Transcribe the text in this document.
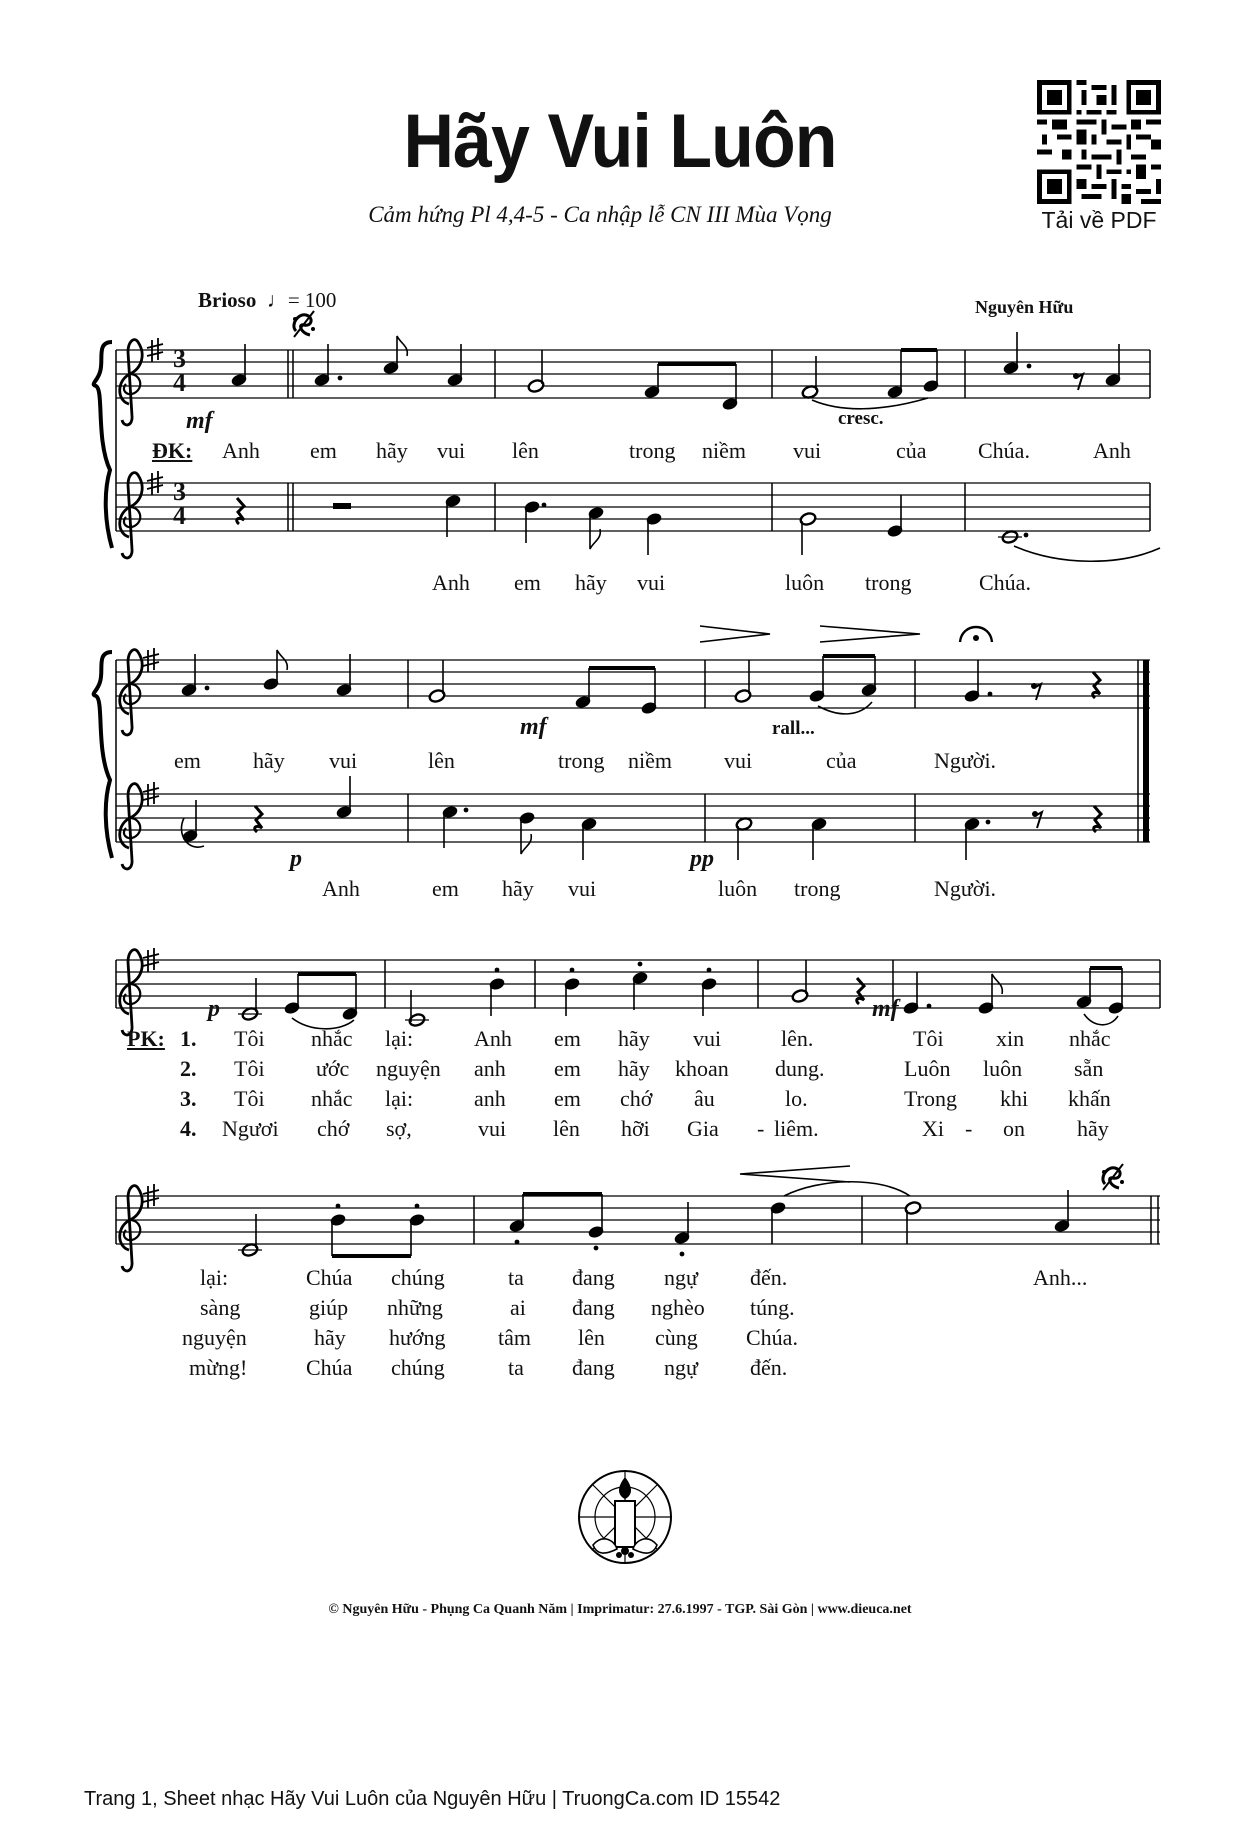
Hãy Vui Luôn
Cảm hứng Pl 4,4-5 - Ca nhập lễ CN III Mùa Vọng	Tải về PDF
Brioso  ♩= 100	Nguyên Hữu
3
4
3
4
mf	cresc.
mf	rall...
p	pp
p	mf
ĐK: Anh em hãy vui lên	trong niềm vui	của Chúa.	Anh
Anh em hãy vui	luôn trong	Chúa.
em hãy vui	lên	trong niềm vui	của	Người.
Anh	em hãy vui	luôn trong	Người.
PK: 1.
2.
3.
4.
Tôi nhắc lại:	Anh em hãy vui	lên.	Tôi xin nhắc
Tôi ước nguyện anh em hãy khoan dung.	Luôn luôn sẵn
Tôi nhắc lại:	anh em chớ âu	lo.	Trong khi khấn
Ngươi chớ sợ,	vui lên hỡi Gia - liêm.	Xi - on hãy
lại:	Chúa chúng	ta đang ngự đến.	Anh...
sàng	giúp những	ai đang nghèo túng.
nguyện	hãy hướng tâm lên cùng Chúa.
mừng!	Chúa chúng	ta đang ngự đến.
© Nguyên Hữu - Phụng Ca Quanh Năm | Imprimatur: 27.6.1997 - TGP. Sài Gòn | www.dieuca.net
Trang 1, Sheet nhạc Hãy Vui Luôn của Nguyên Hữu | TruongCa.com ID 15542
